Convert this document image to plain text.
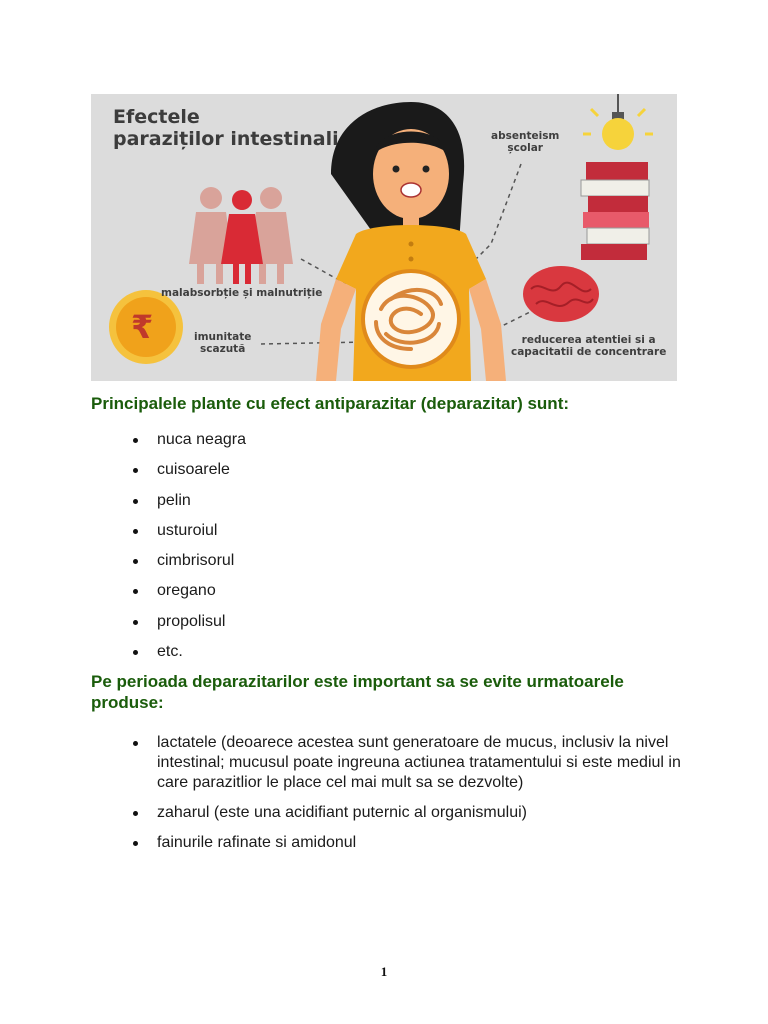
Efectele
paraziților intestinali	absenteism
școlar
malabsorbție și malnutriție
imunitate
scazută
reducerea atentiei si a
capacitatii de concentrare
₹

Principalele plante cu efect antiparazitar (deparazitar) sunt:

nuca neagra
cuisoarele
pelin
usturoiul
cimbrisorul
oregano
propolisul
etc.

Pe perioada deparazitarilor este important sa se evite urmatoarele produse:

lactatele (deoarece acestea sunt generatoare de mucus, inclusiv la nivel intestinal; mucusul poate ingreuna actiunea tratamentului si este mediul in care parazitlior le place cel mai mult sa se dezvolte)
zaharul (este una acidifiant puternic al organismului)
fainurile rafinate si amidonul
1
